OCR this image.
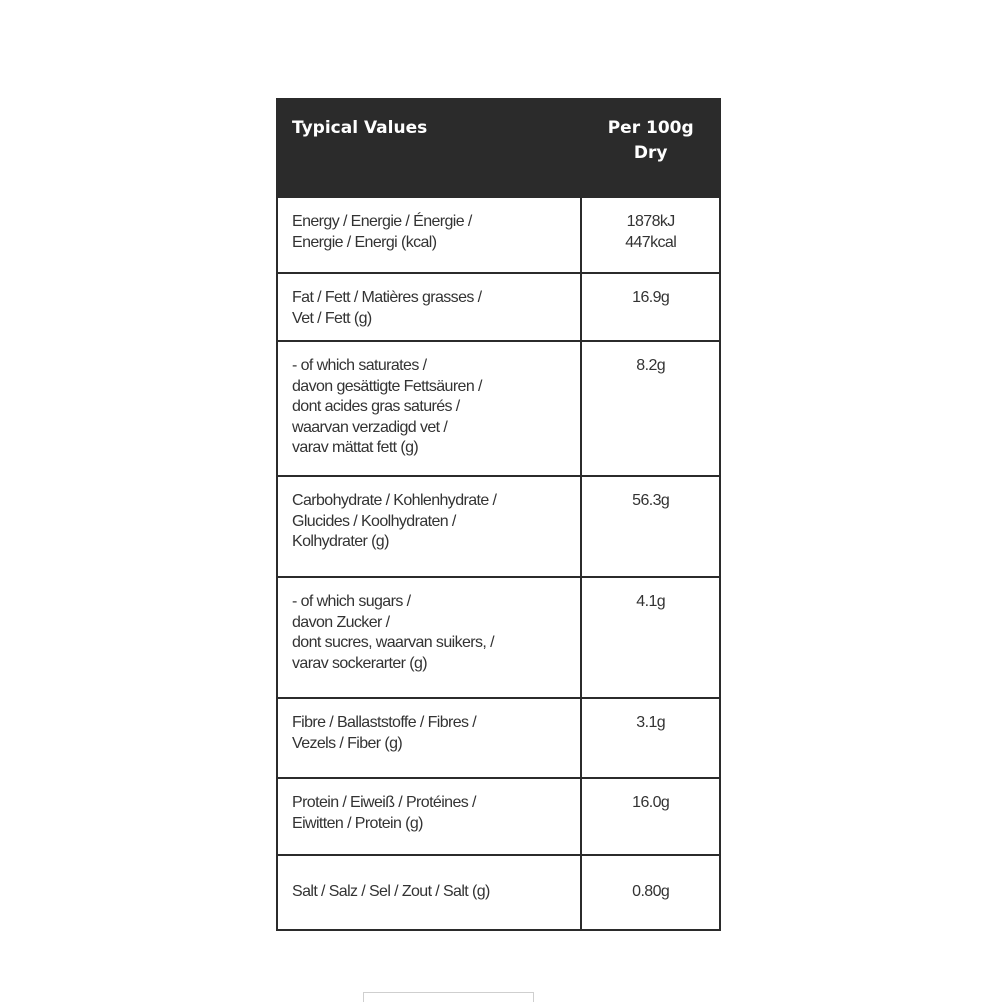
Typical Values	Per 100g
Dry
Energy / Energie / Énergie /
Energie / Energi (kcal)	1878kJ
447kcal
Fat / Fett / Matières grasses /
Vet / Fett (g)	16.9g
- of which saturates /
davon gesättigte Fettsäuren /
dont acides gras saturés /
waarvan verzadigd vet /
varav mättat fett (g)	8.2g
Carbohydrate / Kohlenhydrate /
Glucides / Koolhydraten /
Kolhydrater (g)	56.3g
- of which sugars /
davon Zucker /
dont sucres, waarvan suikers, /
varav sockerarter (g)	4.1g
Fibre / Ballaststoffe / Fibres /
Vezels / Fiber (g)	3.1g
Protein / Eiweiß / Protéines /
Eiwitten / Protein (g)	16.0g
Salt / Salz / Sel / Zout / Salt (g)	0.80g
